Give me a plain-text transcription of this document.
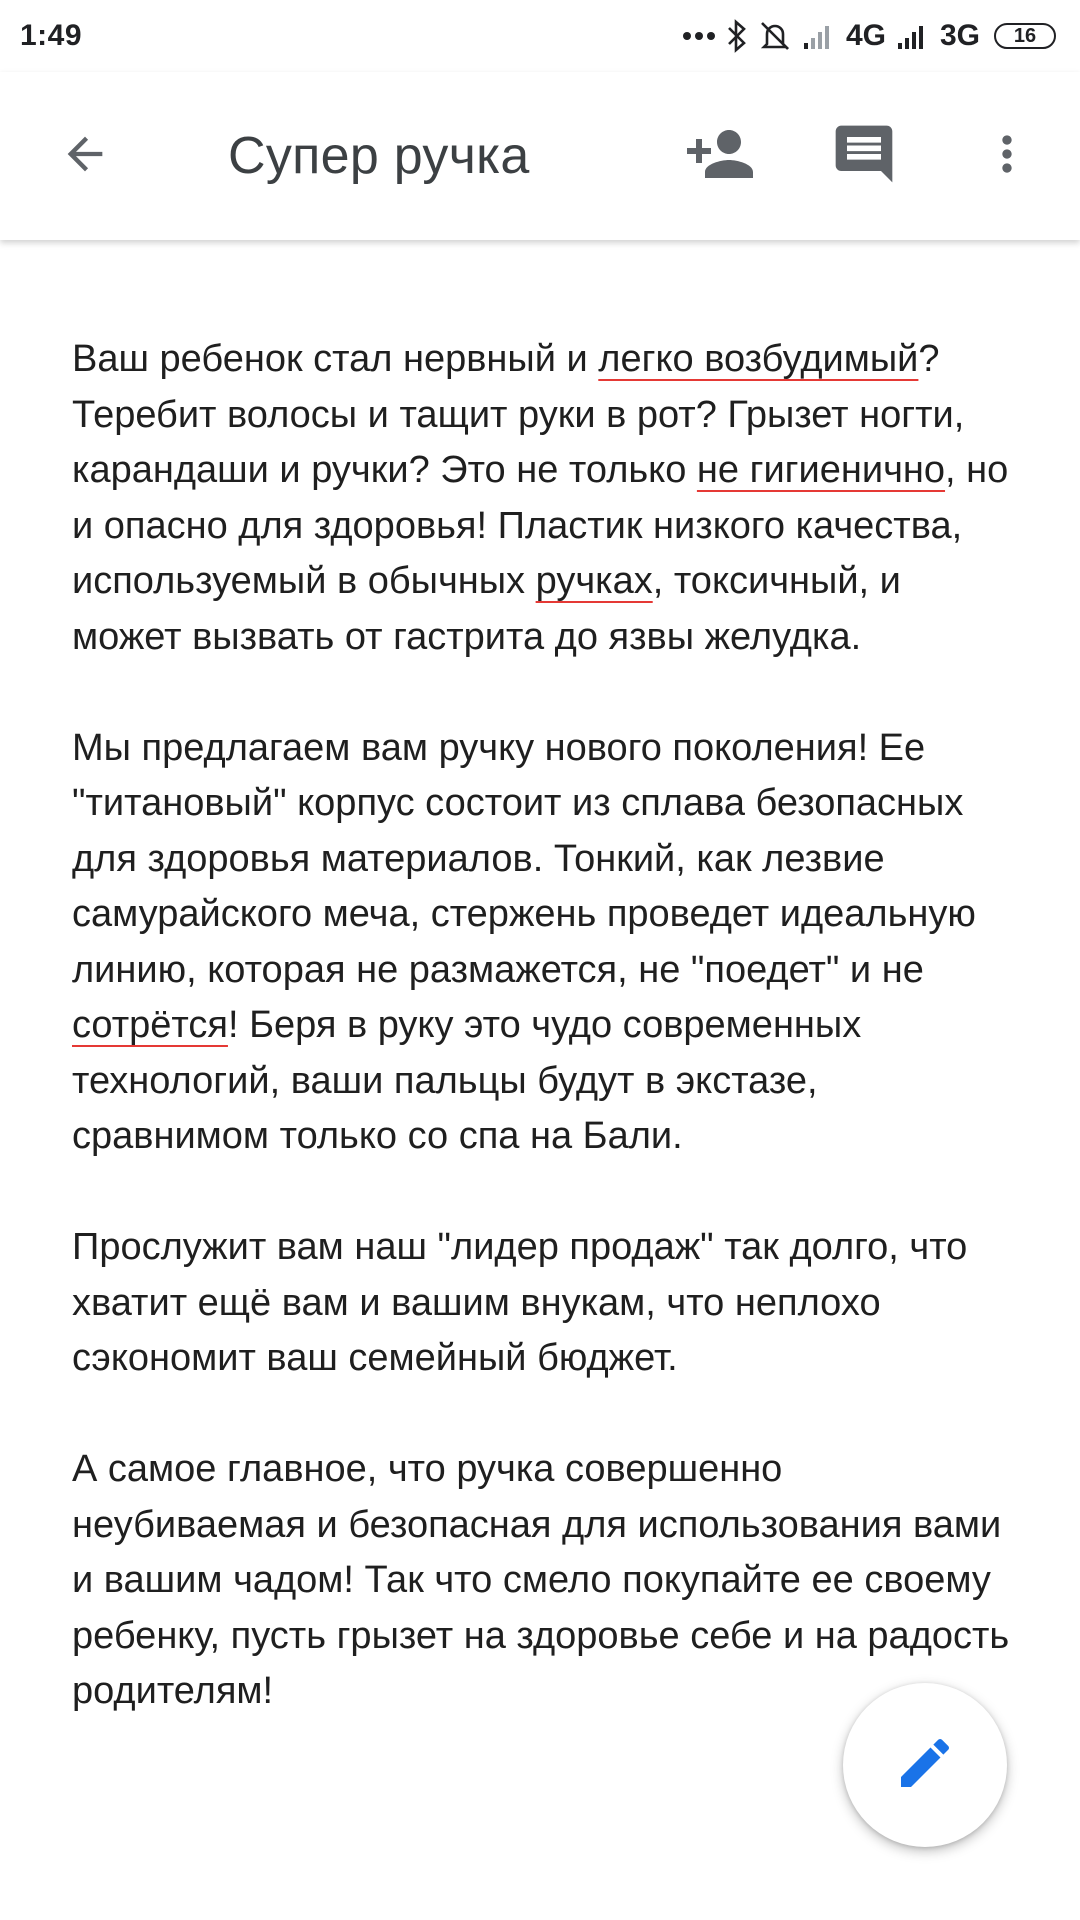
1:49	4G 3G	16
Супер ручка

Ваш ребенок стал нервный и легко возбудимый? Теребит волосы и тащит руки в рот? Грызет ногти, карандаши и ручки? Это не только не гигиенично, но и опасно для здоровья! Пластик низкого качества, используемый в обычных ручках, токсичный, и может вызвать от гастрита до язвы желудка.

Мы предлагаем вам ручку нового поколения! Ее "титановый" корпус состоит из сплава безопасных для здоровья материалов. Тонкий, как лезвие самурайского меча, стержень проведет идеальную линию, которая не размажется, не "поедет" и не сотрётся! Беря в руку это чудо современных технологий, ваши пальцы будут в экстазе, сравнимом только со спа на Бали.

Прослужит вам наш "лидер продаж" так долго, что хватит ещё вам и вашим внукам, что неплохо сэкономит ваш семейный бюджет.

А самое главное, что ручка совершенно неубиваемая и безопасная для использования вами и вашим чадом! Так что смело покупайте ее своему ребенку, пусть грызет на здоровье себе и на радость родителям!
